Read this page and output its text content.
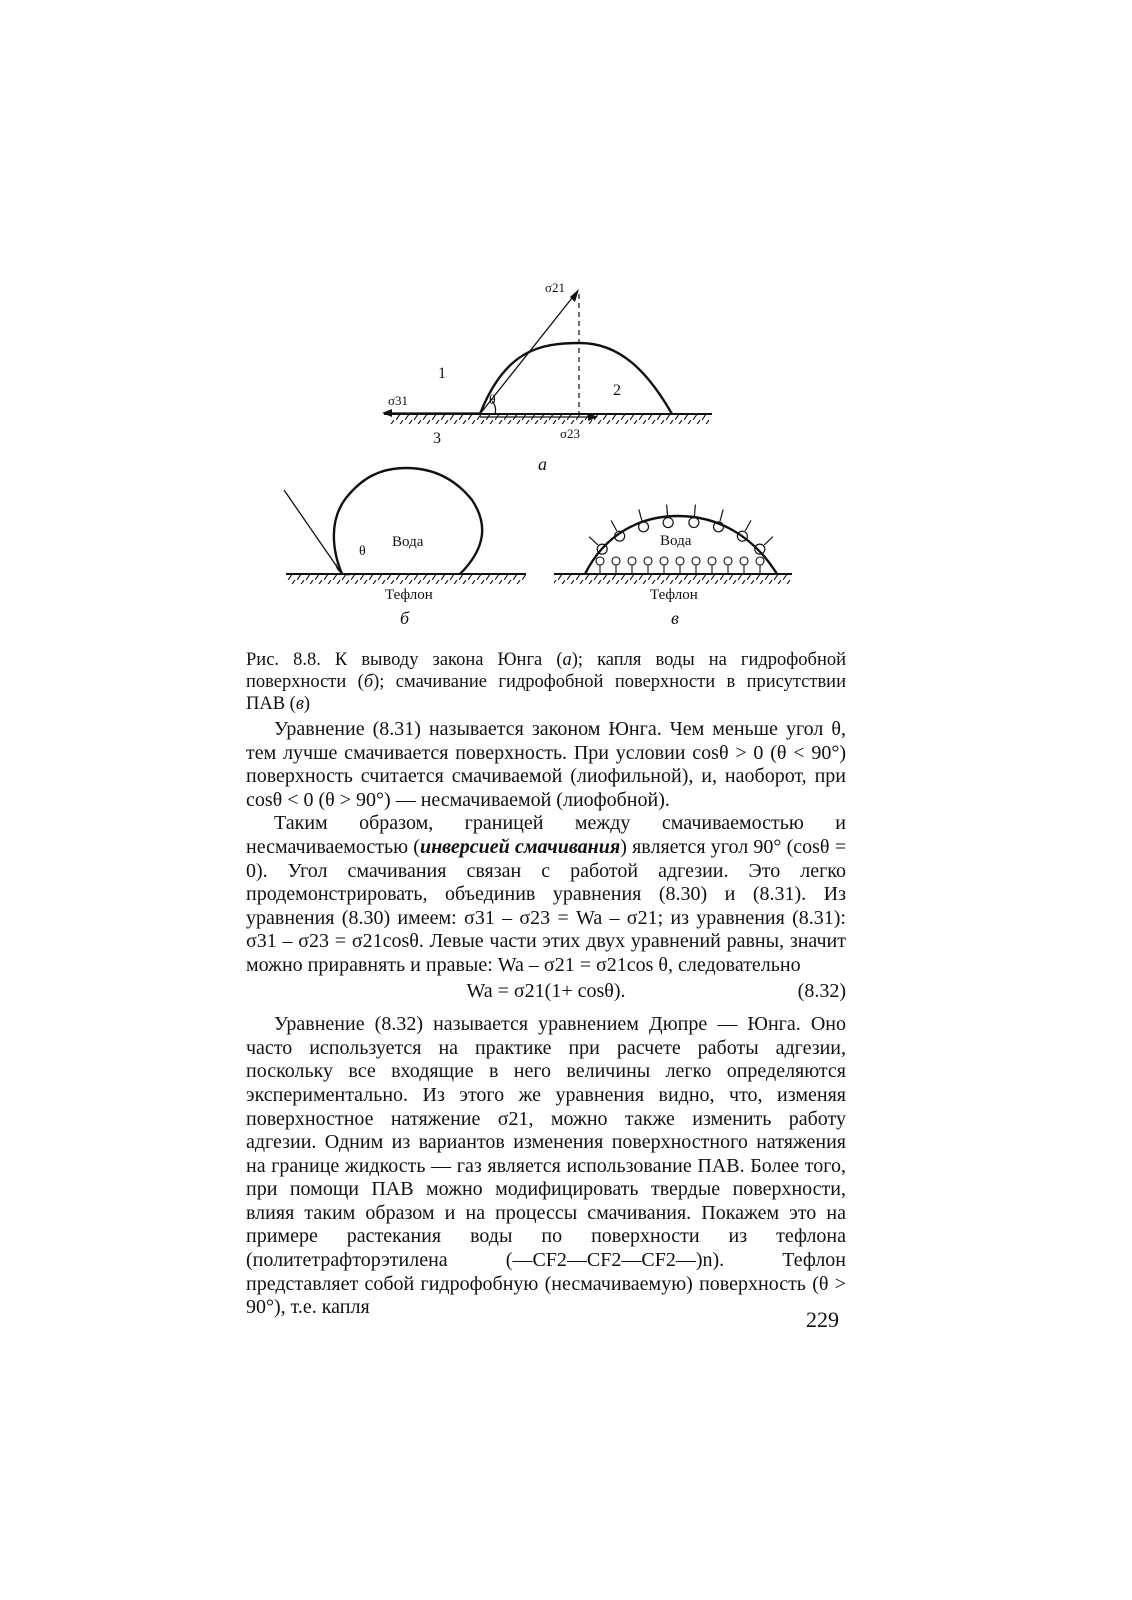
σ21
1
2
3
σ31
σ23
θ
а
θ
Вода
Тефлон
б
Вода
Тефлон
в
Рис. 8.8. К выводу закона Юнга (а); капля воды на гидрофобной поверхности (б); смачивание гидрофобной поверхности в присутствии ПАВ (в)

Уравнение (8.31) называется законом Юнга. Чем меньше угол θ, тем лучше смачивается поверхность. При условии cosθ > 0 (θ < 90°) поверхность считается смачиваемой (лиофильной), и, наоборот, при cosθ < 0 (θ > 90°) — несмачиваемой (лиофобной).

Таким образом, границей между смачиваемостью и несмачиваемостью (инверсией смачивания) является угол 90° (cosθ = 0). Угол смачивания связан с работой адгезии. Это легко продемонстрировать, объединив уравнения (8.30) и (8.31). Из уравнения (8.30) имеем: σ31 – σ23 = Wa – σ21; из уравнения (8.31): σ31 – σ23 = σ21cosθ. Левые части этих двух уравнений равны, значит можно приравнять и правые: Wa – σ21 = σ21cos θ, следовательно

Wa = σ21(1+ cosθ).	(8.32)

Уравнение (8.32) называется уравнением Дюпре — Юнга. Оно часто используется на практике при расчете работы адгезии, поскольку все входящие в него величины легко определяются экспериментально. Из этого же уравнения видно, что, изменяя поверхностное натяжение σ21, можно также изменить работу адгезии. Одним из вариантов изменения поверхностного натяжения на границе жидкость — газ является использование ПАВ. Более того, при помощи ПАВ можно модифицировать твердые поверхности, влияя таким образом и на процессы смачивания. Покажем это на примере растекания воды по поверхности из тефлона (политетрафторэтилена (—CF2—CF2—CF2—)n). Тефлон представляет собой гидрофобную (несмачиваемую) поверхность (θ > 90°), т.е. капля	229
